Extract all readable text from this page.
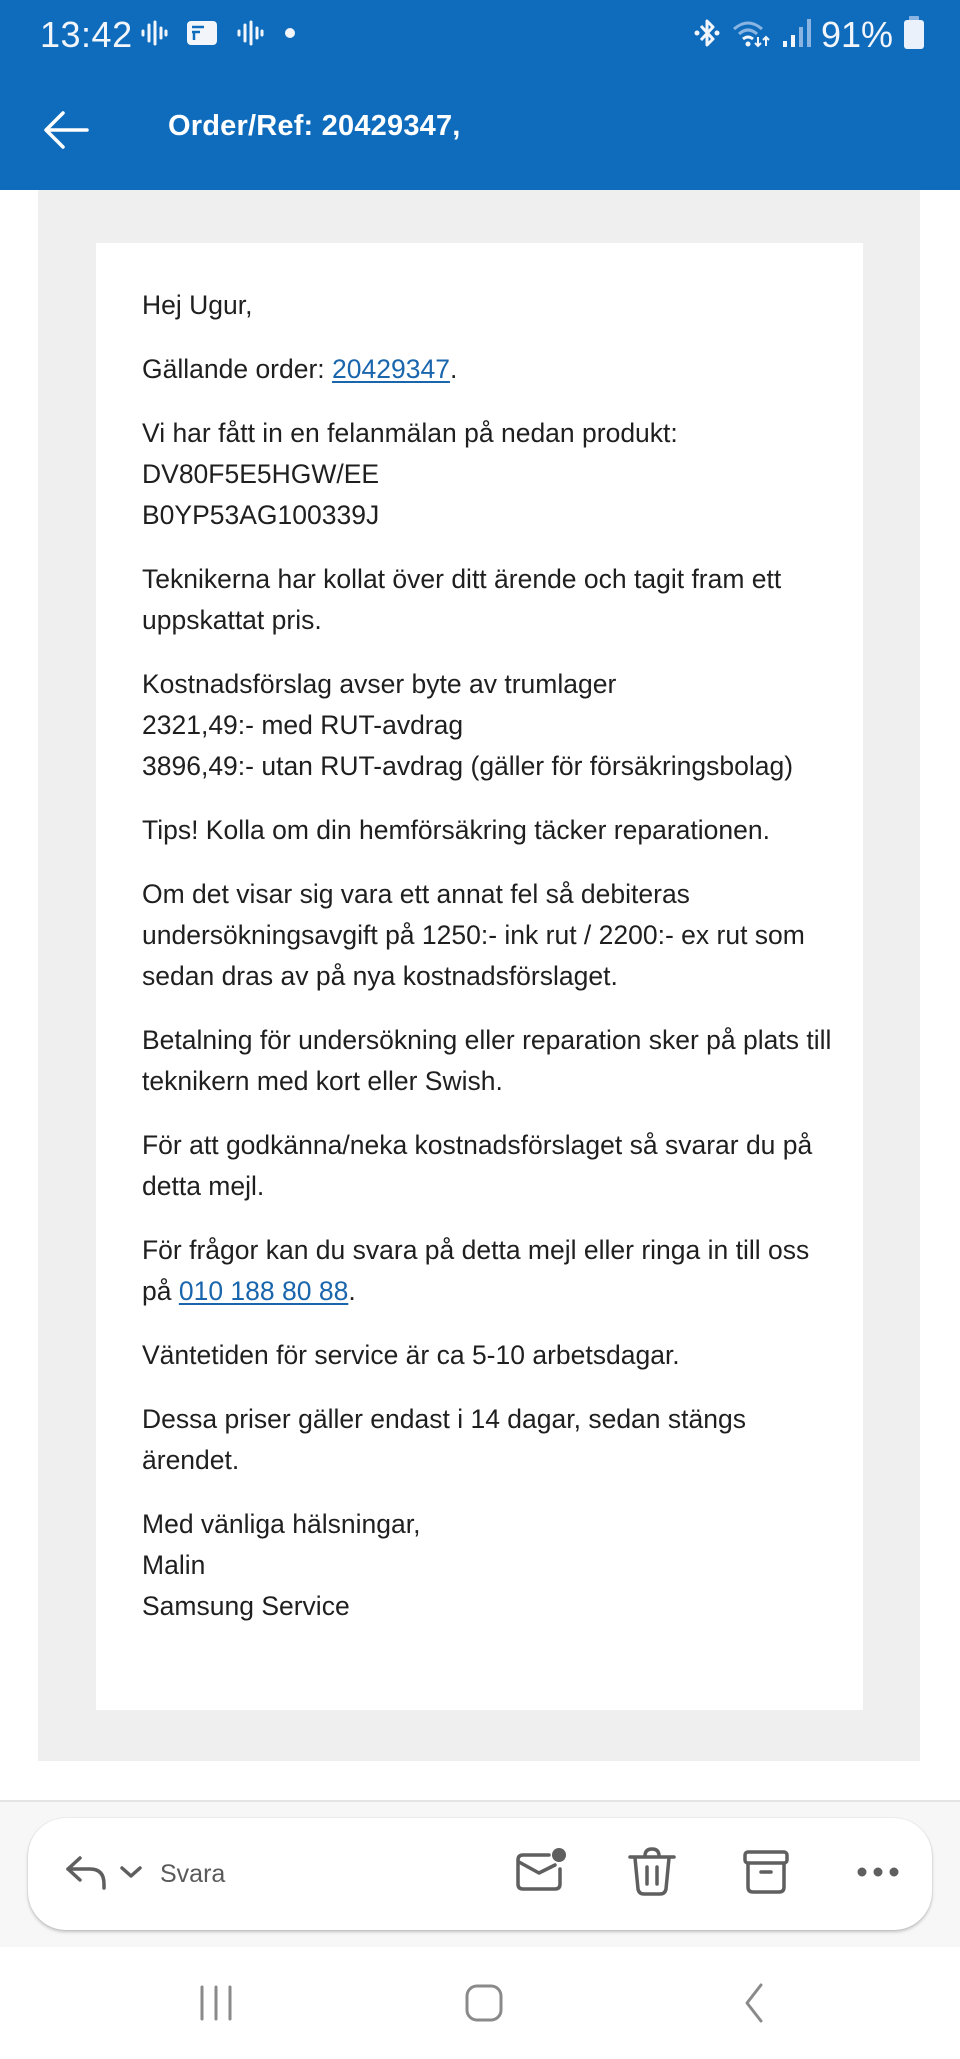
13:42	91%
Order/Ref: 20429347,

Hej Ugur,

Gällande order: 20429347.

Vi har fått in en felanmälan på nedan produkt:
DV80F5E5HGW/EE
B0YP53AG100339J

Teknikerna har kollat över ditt ärende och tagit fram ett uppskattat pris.

Kostnadsförslag avser byte av trumlager
2321,49:- med RUT-avdrag
3896,49:- utan RUT-avdrag (gäller för försäkringsbolag)

Tips! Kolla om din hemförsäkring täcker reparationen.

Om det visar sig vara ett annat fel så debiteras undersökningsavgift på 1250:- ink rut / 2200:- ex rut som sedan dras av på nya kostnadsförslaget.

Betalning för undersökning eller reparation sker på plats till teknikern med kort eller Swish.

För att godkänna/neka kostnadsförslaget så svarar du på detta mejl.

För frågor kan du svara på detta mejl eller ringa in till oss på 010 188 80 88.

Väntetiden för service är ca 5-10 arbetsdagar.

Dessa priser gäller endast i 14 dagar, sedan stängs ärendet.

Med vänliga hälsningar,
Malin
Samsung Service

Svara
